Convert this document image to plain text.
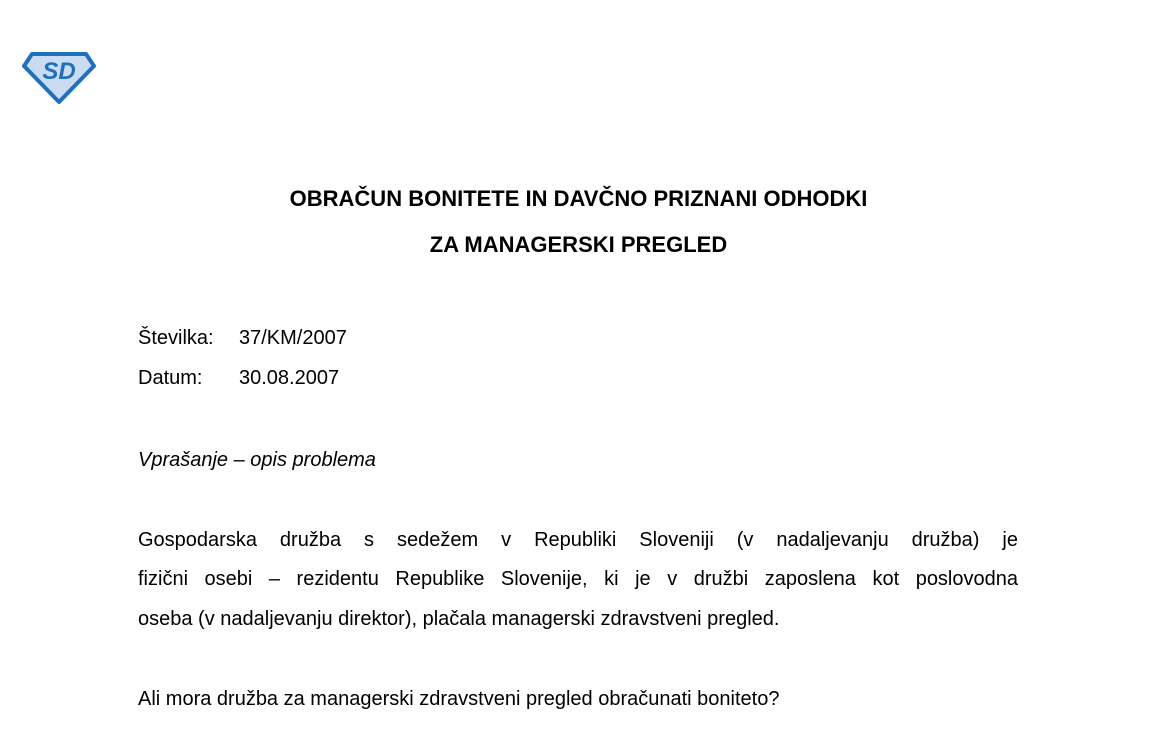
SD
OBRAČUN BONITETE IN DAVČNO PRIZNANI ODHODKI
ZA MANAGERSKI PREGLED
Številka: 37/KM/2007
Datum: 30.08.2007
Vprašanje – opis problema
Gospodarska družba s sedežem v Republiki Sloveniji (v nadaljevanju družba) je
fizični osebi – rezidentu Republike Slovenije, ki je v družbi zaposlena kot poslovodna
oseba (v nadaljevanju direktor), plačala managerski zdravstveni pregled.
Ali mora družba za managerski zdravstveni pregled obračunati boniteto?
